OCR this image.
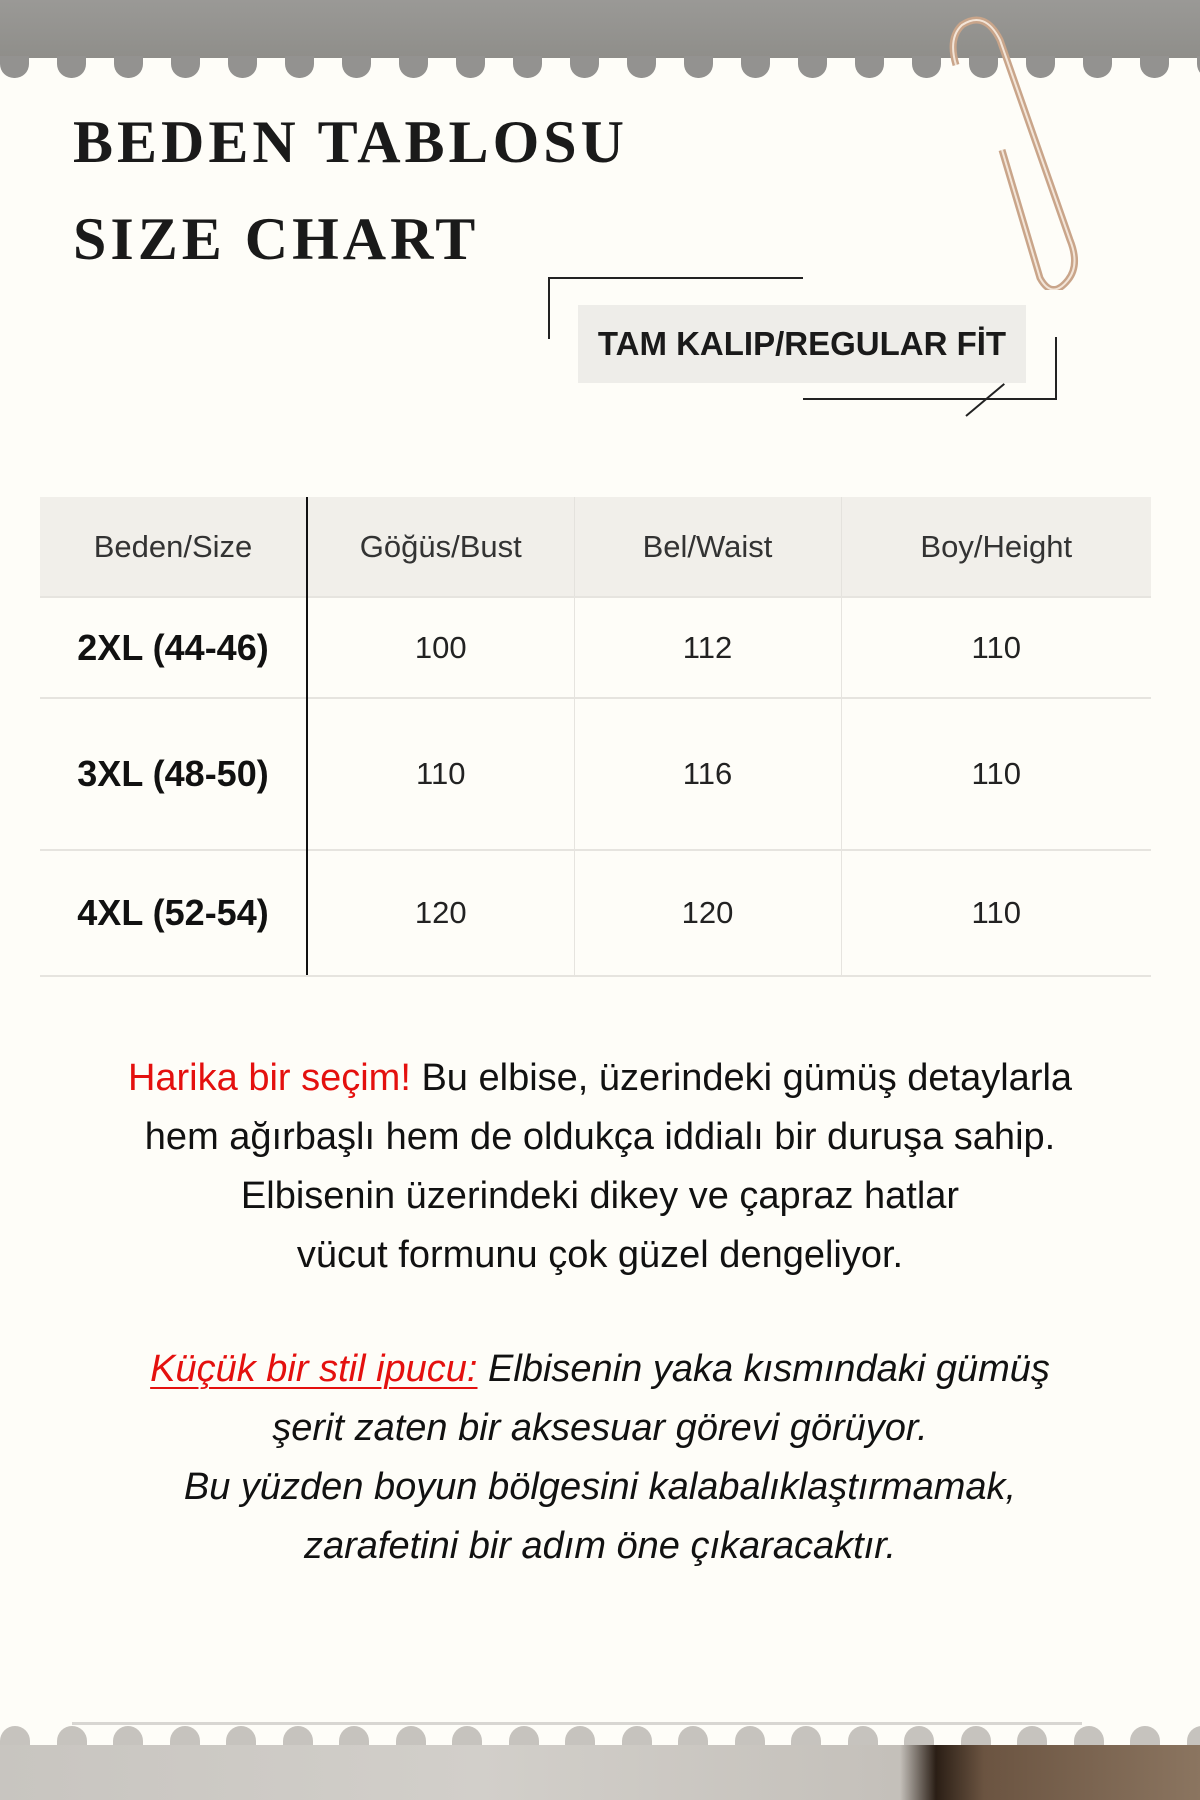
BEDEN TABLOSU
SIZE CHART
TAM KALIP/REGULAR FİT
Beden/Size	Göğüs/Bust	Bel/Waist	Boy/Height
2XL (44-46)	100	112	110
3XL (48-50)	110	116	110
4XL (52-54)	120	120	110
Harika bir seçim! Bu elbise, üzerindeki gümüş detaylarla
hem ağırbaşlı hem de oldukça iddialı bir duruşa sahip.
Elbisenin üzerindeki dikey ve çapraz hatlar
vücut formunu çok güzel dengeliyor.
Küçük bir stil ipucu: Elbisenin yaka kısmındaki gümüş
şerit zaten bir aksesuar görevi görüyor.
Bu yüzden boyun bölgesini kalabalıklaştırmamak,
zarafetini bir adım öne çıkaracaktır.
